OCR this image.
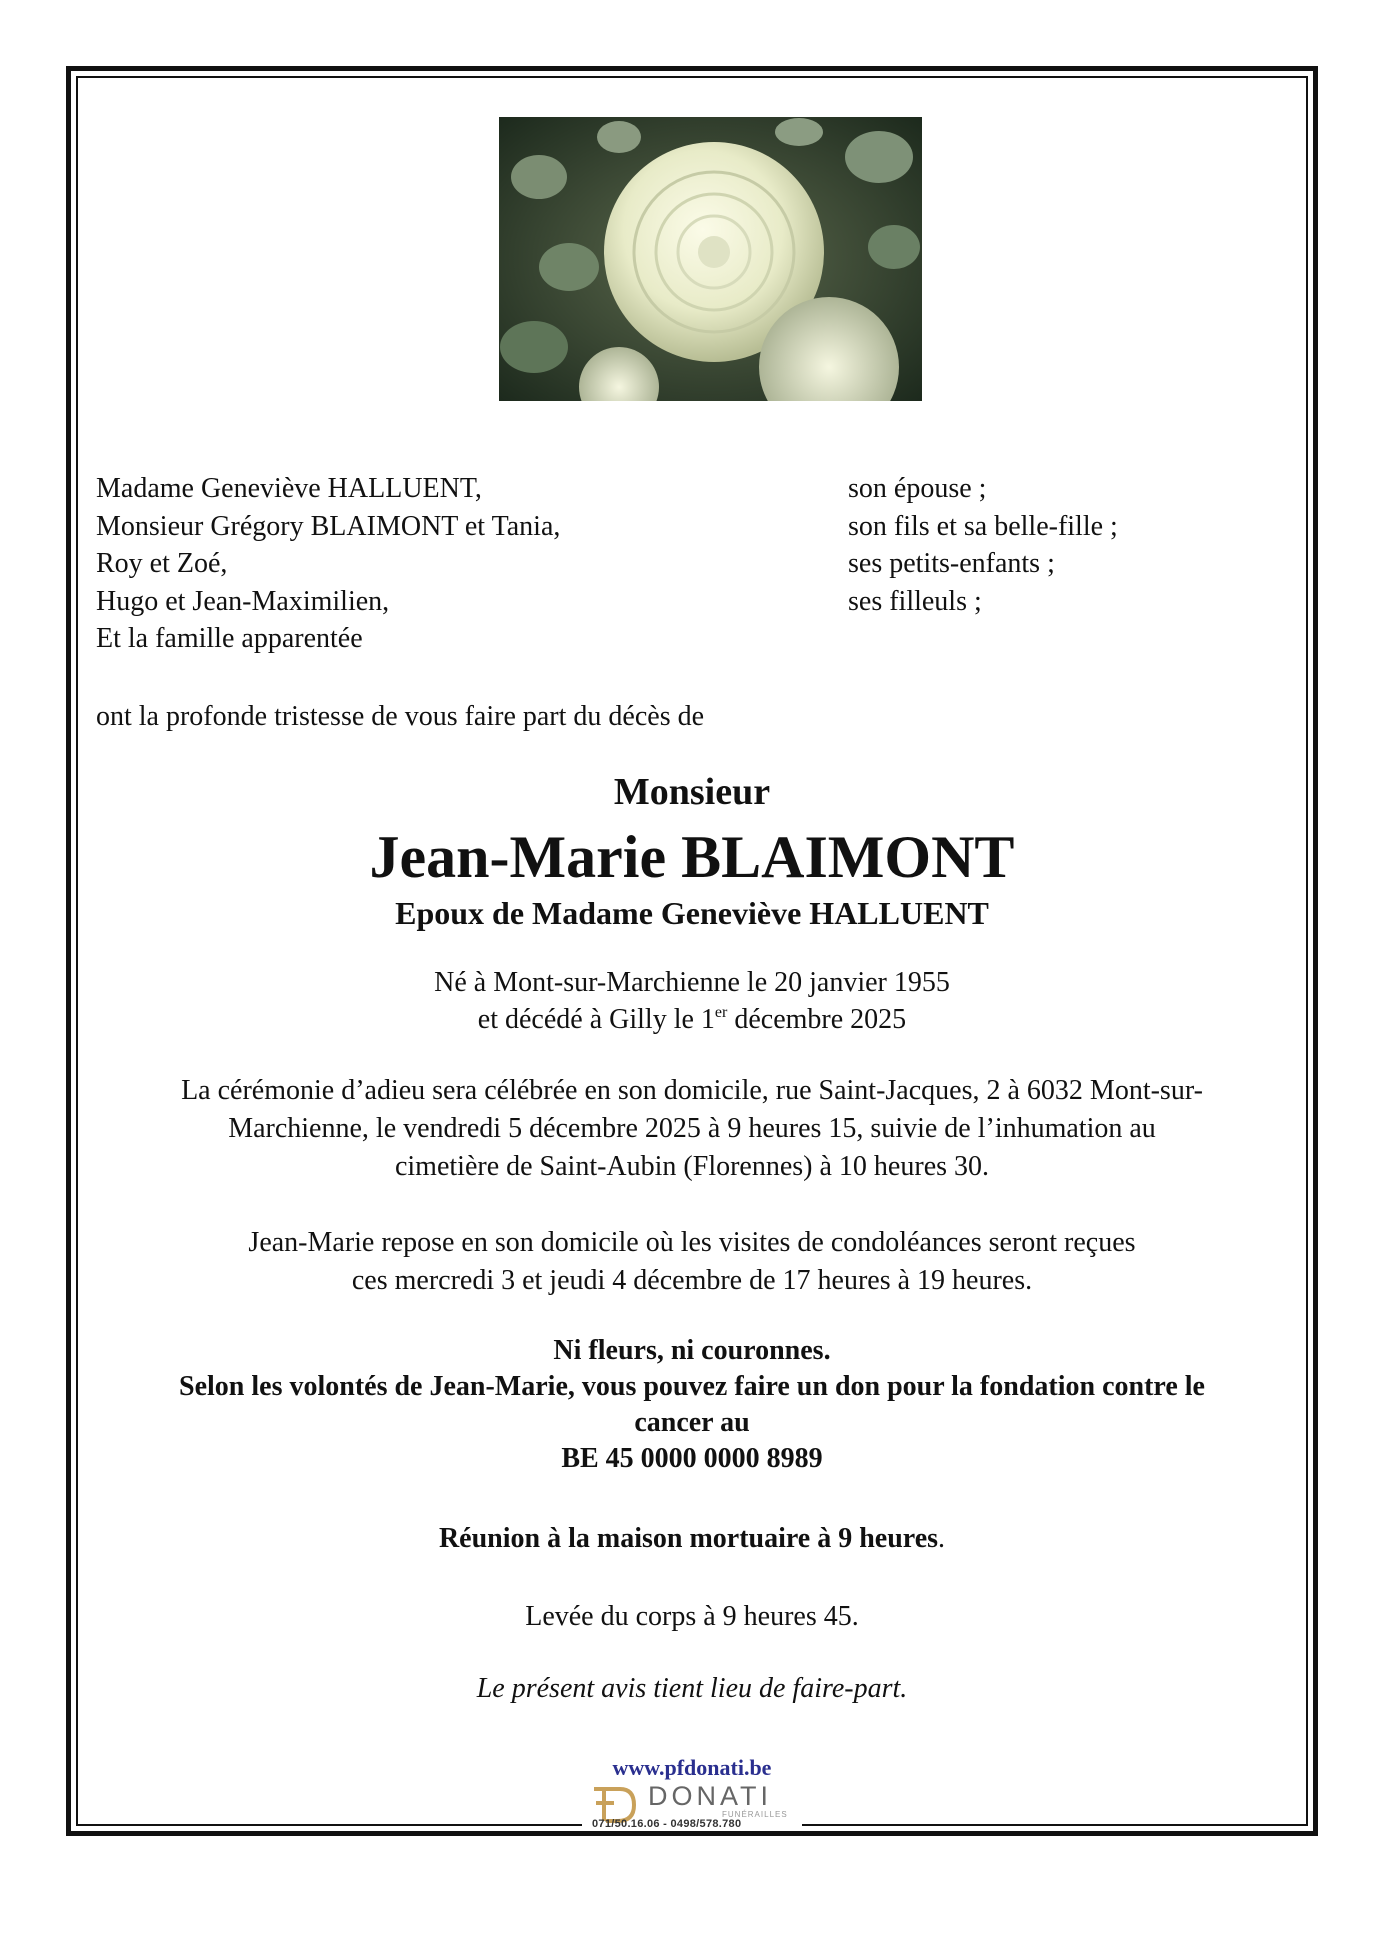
Madame Geneviève HALLUENT,	son épouse ;
Monsieur Grégory BLAIMONT et Tania,	son fils et sa belle-fille ;
Roy et Zoé,	ses petits-enfants ;
Hugo et Jean-Maximilien,	ses filleuls ;
Et la famille apparentée
ont la profonde tristesse de vous faire part du décès de
Monsieur
Jean-Marie BLAIMONT
Epoux de Madame Geneviève HALLUENT
Né à Mont-sur-Marchienne le 20 janvier 1955
et décédé à Gilly le 1er décembre 2025
La cérémonie d’adieu sera célébrée en son domicile, rue Saint-Jacques, 2 à 6032 Mont-sur-
Marchienne, le vendredi 5 décembre 2025 à 9 heures 15, suivie de l’inhumation au
cimetière de Saint-Aubin (Florennes) à 10 heures 30.
Jean-Marie repose en son domicile où les visites de condoléances seront reçues
ces mercredi 3 et jeudi 4 décembre de 17 heures à 19 heures.
Ni fleurs, ni couronnes.
Selon les volontés de Jean-Marie, vous pouvez faire un don pour la fondation contre le
cancer au
BE 45 0000 0000 8989
Réunion à la maison mortuaire à 9 heures.
Levée du corps à 9 heures 45.
Le présent avis tient lieu de faire-part.
www.pfdonati.be
DONATI
FUNÉRAILLES
071/50.16.06 - 0498/578.780
